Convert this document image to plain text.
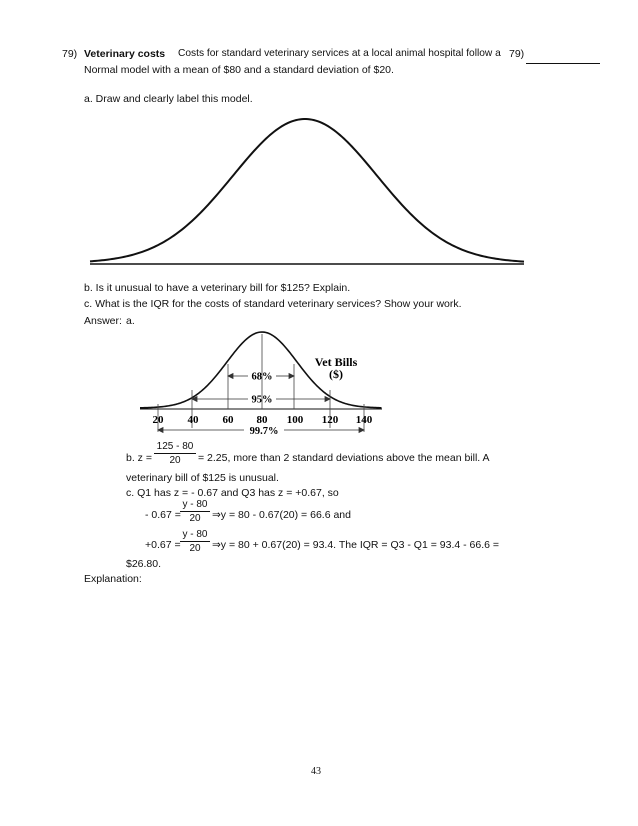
79) Veterinary costs Costs for standard veterinary services at a local animal hospital follow a
Normal model with a mean of $80 and a standard deviation of $20.
79)
a. Draw and clearly label this model.
b. Is it unusual to have a veterinary bill for $125? Explain.
c. What is the IQR for the costs of standard veterinary services? Show your work.
Answer: a.
68%
95%
99.7%
Vet Bills
($)
20 40 60 80 100 120 140
b. $z = \frac{125 - 80}{20} = 2.25$, more than 2 standard deviations above the mean bill. A
veterinary bill of $125 is unusual.
c. Q1 has z = - 0.67 and Q3 has z = +0.67, so
- $0.67 = \frac{y - 80}{20}$ ⇒y = 80 - 0.67(20) = 66.6 and
$+0.67 = \frac{y - 80}{20}$ ⇒y = 80 + 0.67(20) = 93.4. The IQR = Q3 - Q1 = 93.4 - 66.6 =
$26.80.
Explanation:
43
